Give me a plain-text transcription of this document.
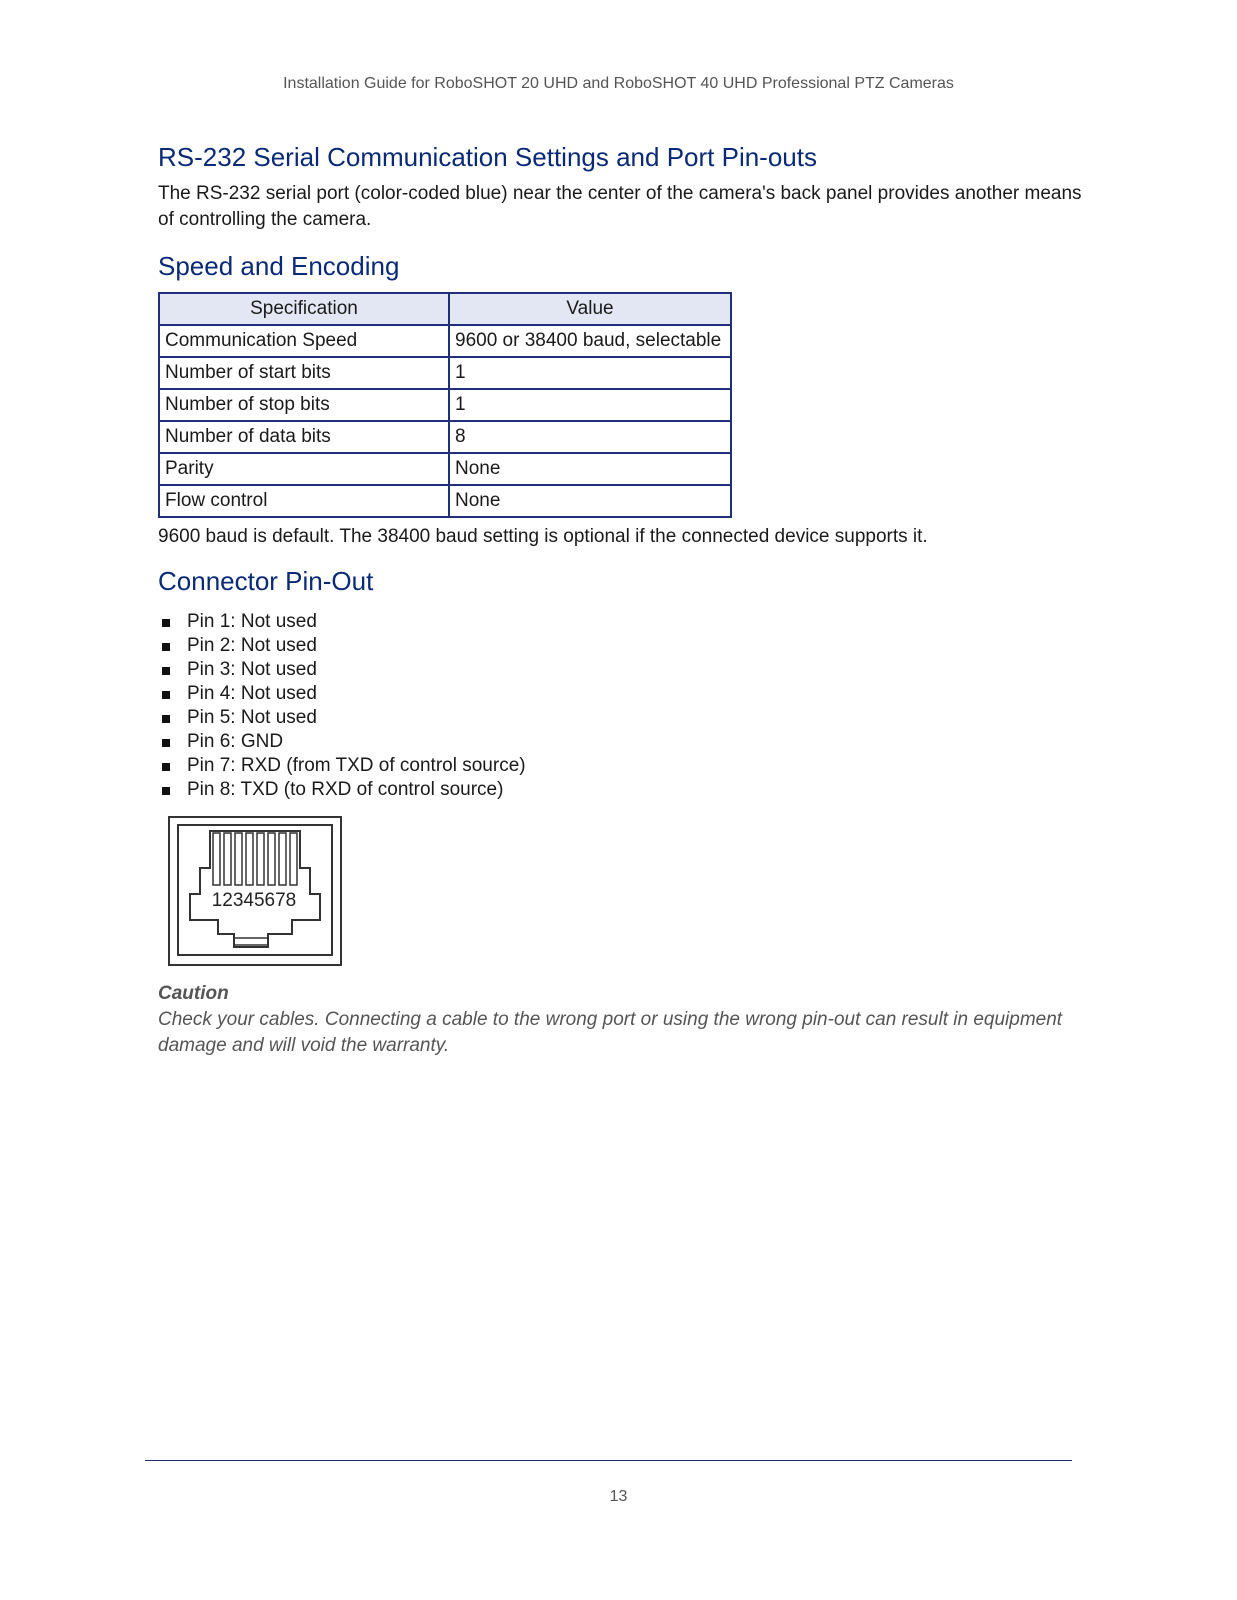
Installation Guide for RoboSHOT 20 UHD and RoboSHOT 40 UHD Professional PTZ Cameras
RS-232 Serial Communication Settings and Port Pin-outs

The RS-232 serial port (color-coded blue) near the center of the camera's back panel provides another means of controlling the camera.

Speed and Encoding
Specification	Value
Communication Speed	9600 or 38400 baud, selectable
Number of start bits	1
Number of stop bits	1
Number of data bits	8
Parity	None
Flow control	None

9600 baud is default. The 38400 baud setting is optional if the connected device supports it.

Connector Pin-Out
Pin 1: Not used
Pin 2: Not used
Pin 3: Not used
Pin 4: Not used
Pin 5: Not used
Pin 6: GND
Pin 7: RXD (from TXD of control source)
Pin 8: TXD (to RXD of control source)
12345678
Caution
Check your cables. Connecting a cable to the wrong port or using the wrong pin-out can result in equipment damage and will void the warranty.
13
